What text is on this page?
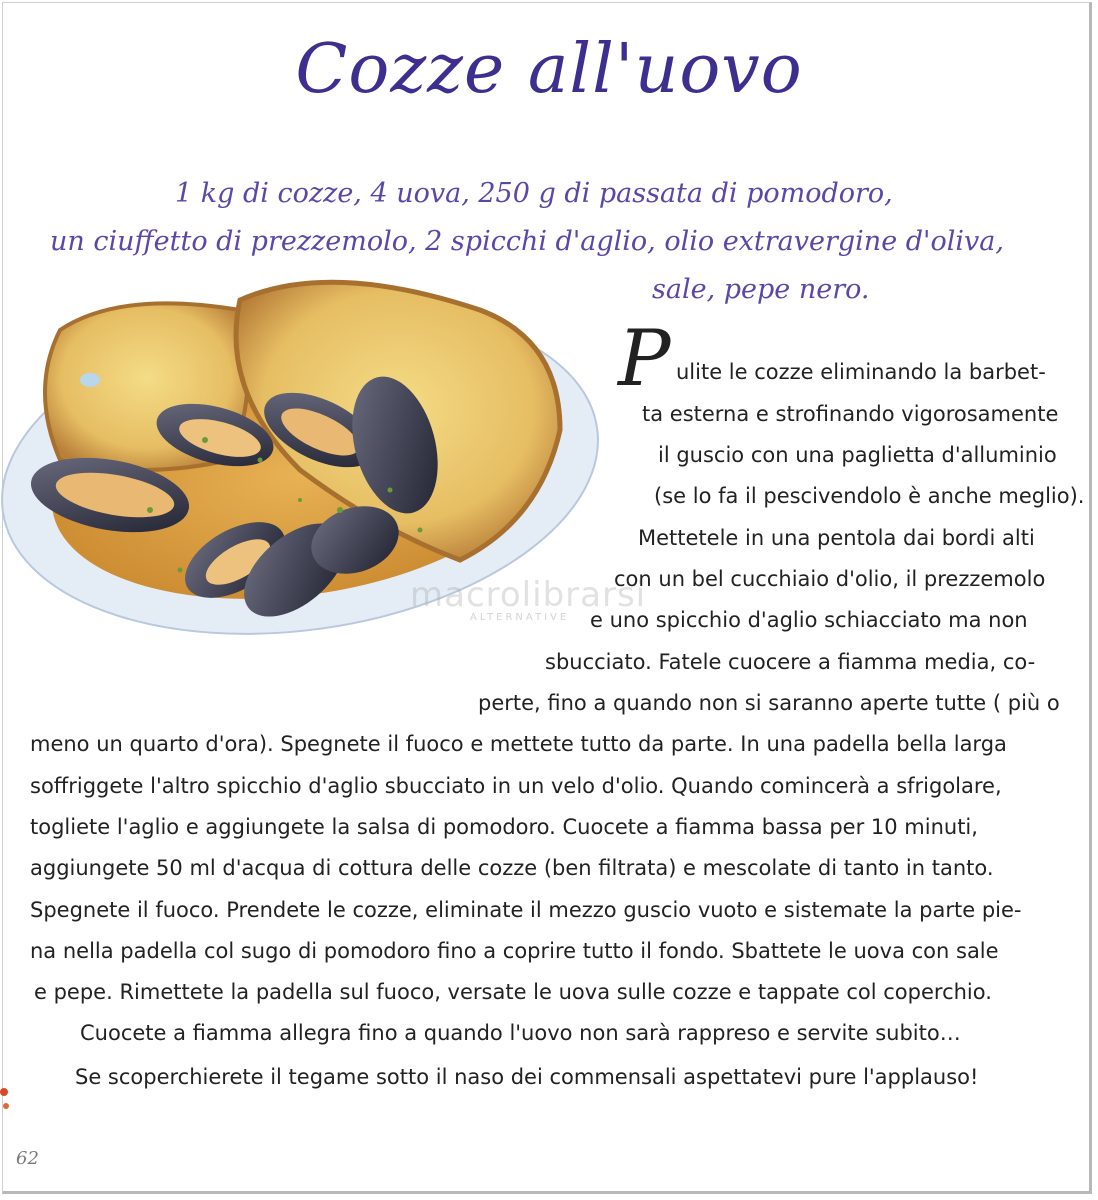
Cozze all'uovo
1 kg di cozze, 4 uova, 250 g di passata di pomodoro,
un ciuffetto di prezzemolo, 2 spicchi d'aglio, olio extravergine d'oliva,
sale, pepe nero.
macrolibrarsi
ALTERNATIVE
P ulite le cozze eliminando la barbet-
ta esterna e strofinando vigorosamente
il guscio con una paglietta d'alluminio
(se lo fa il pescivendolo è anche meglio).
Mettetele in una pentola dai bordi alti
con un bel cucchiaio d'olio, il prezzemolo
e uno spicchio d'aglio schiacciato ma non
sbucciato. Fatele cuocere a fiamma media, co-
perte, fino a quando non si saranno aperte tutte ( più o
meno un quarto d'ora). Spegnete il fuoco e mettete tutto da parte. In una padella bella larga
soffriggete l'altro spicchio d'aglio sbucciato in un velo d'olio. Quando comincerà a sfrigolare,
togliete l'aglio e aggiungete la salsa di pomodoro. Cuocete a fiamma bassa per 10 minuti,
aggiungete 50 ml d'acqua di cottura delle cozze (ben filtrata) e mescolate di tanto in tanto.
Spegnete il fuoco. Prendete le cozze, eliminate il mezzo guscio vuoto e sistemate la parte pie-
na nella padella col sugo di pomodoro fino a coprire tutto il fondo. Sbattete le uova con sale
e pepe. Rimettete la padella sul fuoco, versate le uova sulle cozze e tappate col coperchio.
Cuocete a fiamma allegra fino a quando l'uovo non sarà rappreso e servite subito…
Se scoperchierete il tegame sotto il naso dei commensali aspettatevi pure l'applauso!
62
